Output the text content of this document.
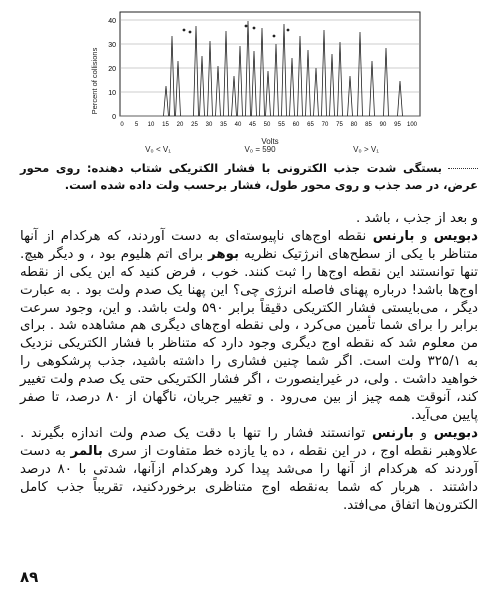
Percent of collisions
40
30
20
10
0
0 5 10 15 20 25 30 35 40 45 50 55 60 65 70 75 80 85 90 95 100
Volts
V₀ < V₁	V₀ = 590	V₀ > V₁
بستگی شدت جذب الکترونی با فشار الکتریکی شتاب دهنده: روی محور عرض، در صد جذب و روی محور طول، فشار برحسب ولت داده شده است.

و بعد از جذب ، باشد .

دبویس و بارنس نقطه اوج‌های ناپیوسته‌ای به دست آوردند، که هرکدام از آنها متناظر با یکی از سطح‌های انرژتیک نظریه بوهر برای اتم هلیوم بود ، و دیگر هیچ. تنها توانستند این نقطه اوج‌ها را ثبت کنند. خوب ، فرض کنید که این یکی از نقطه اوج‌ها باشد! درباره پهنای فاصله انرژی چی؟ این پهنا یک صدم ولت بود . به عبارت دیگر ، می‌بایستی فشار الکتریکی دقیقاً برابر ۵۹۰ ولت باشد. و این، وجود سرعت برابر را برای شما تأمین می‌کرد ، ولی نقطه اوج‌های دیگری هم مشاهده شد . برای من معلوم شد که نقطه اوج دیگری وجود دارد که متناظر با فشار الکتریکی نزدیک به ۳۲۵/۱ ولت است. اگر شما چنین فشاری را داشته باشید، جذب پرشکوهی را خواهید داشت . ولی، در غیراینصورت ، اگر فشار الکتریکی حتی یک صدم ولت تغییر کند، آنوقت همه چیز از بین می‌رود . و تغییر جریان، ناگهان از ۸۰ درصد، تا صفر پایین می‌آید.

دبویس و بارنس توانستند فشار را تنها با دقت یک صدم ولت اندازه بگیرند . علاوهبر نقطه اوج ، در این نقطه ، ده یا یازده خط متفاوت از سری بالمر به دست آوردند که هرکدام از آنها را می‌شد پیدا کرد وهرکدام ازآنها، شدتی با ۸۰ درصد داشتند . هربار که شما بەنقطه اوج متناظری برخوردکنید، تقریباً جذب کامل الکترون‌ها اتفاق می‌افتد.

۸۹
